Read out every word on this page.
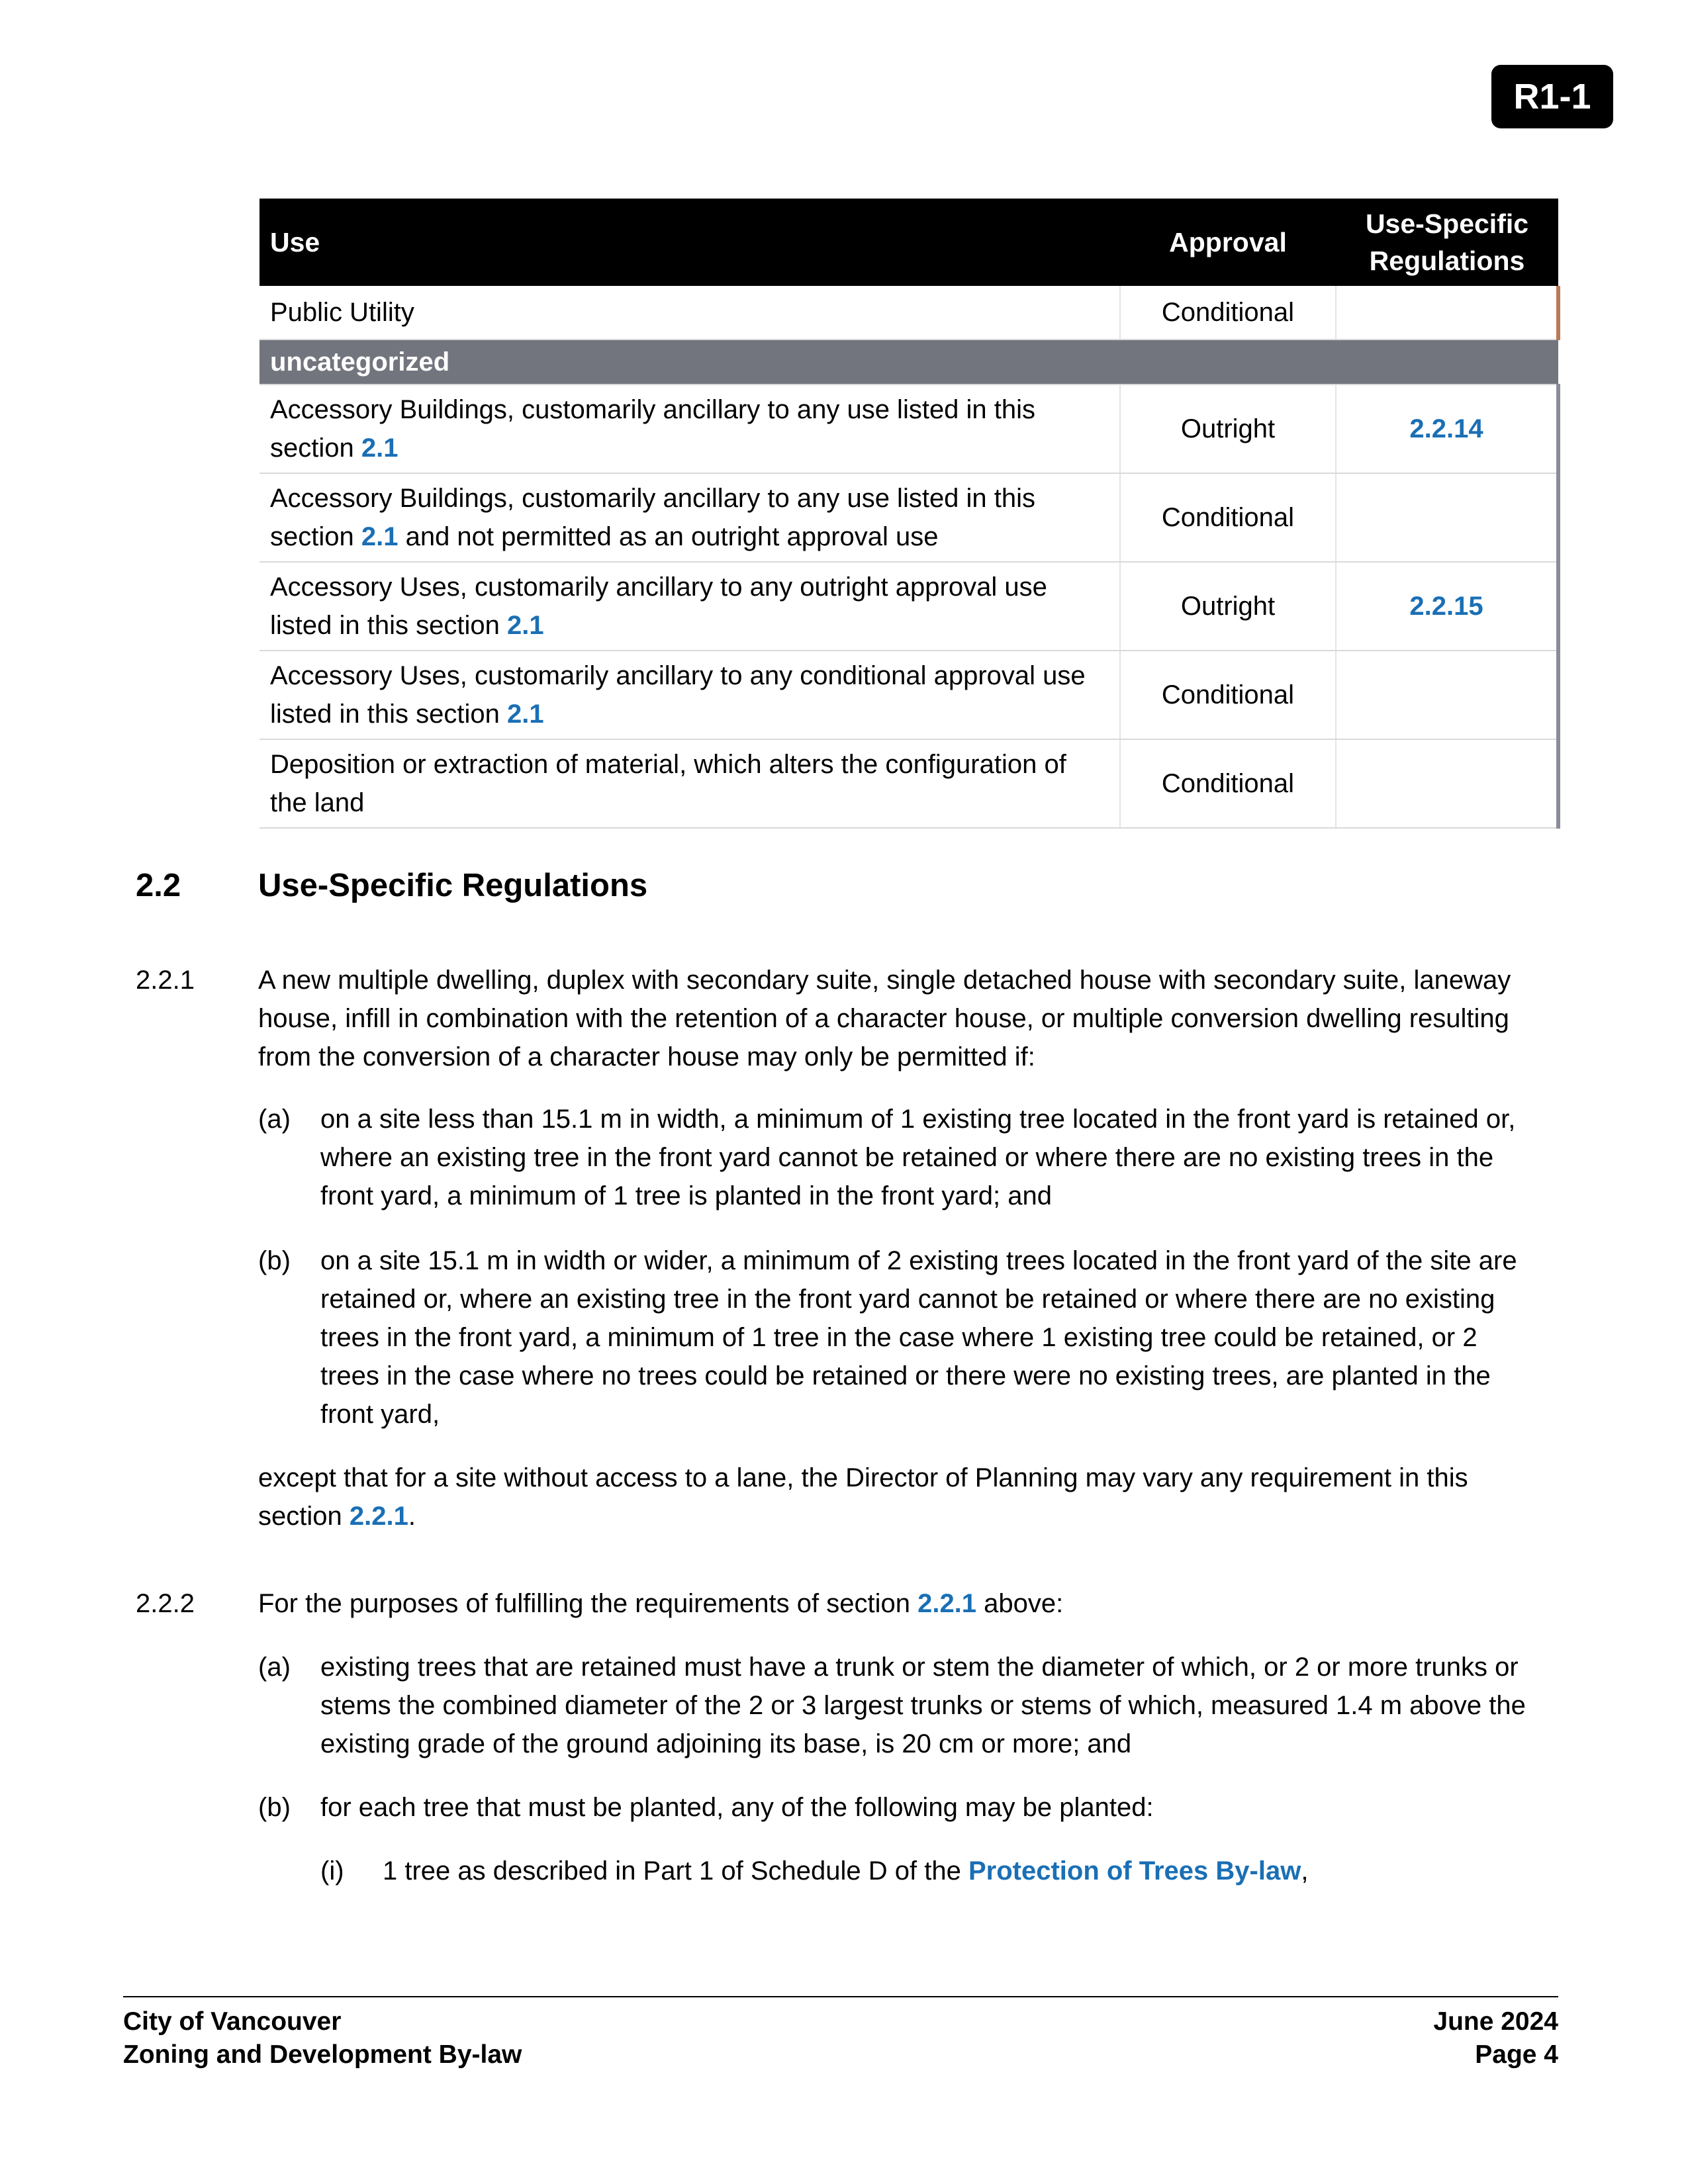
R1-1
Use	Approval	Use-Specific
Regulations
Public Utility	Conditional	
uncategorized		
Accessory Buildings, customarily ancillary to any use listed in this section 2.1	Outright	2.2.14
Accessory Buildings, customarily ancillary to any use listed in this section 2.1 and not permitted as an outright approval use	Conditional	
Accessory Uses, customarily ancillary to any outright approval use listed in this section 2.1	Outright	2.2.15
Accessory Uses, customarily ancillary to any conditional approval use listed in this section 2.1	Conditional	
Deposition or extraction of material, which alters the configuration of the land	Conditional	
2.2 Use-Specific Regulations
2.2.1 A new multiple dwelling, duplex with secondary suite, single detached house with secondary suite, laneway house, infill in combination with the retention of a character house, or multiple conversion dwelling resulting from the conversion of a character house may only be permitted if:
(a) on a site less than 15.1 m in width, a minimum of 1 existing tree located in the front yard is retained or, where an existing tree in the front yard cannot be retained or where there are no existing trees in the front yard, a minimum of 1 tree is planted in the front yard; and
(b) on a site 15.1 m in width or wider, a minimum of 2 existing trees located in the front yard of the site are retained or, where an existing tree in the front yard cannot be retained or where there are no existing trees in the front yard, a minimum of 1 tree in the case where 1 existing tree could be retained, or 2 trees in the case where no trees could be retained or there were no existing trees, are planted in the front yard,
except that for a site without access to a lane, the Director of Planning may vary any requirement in this section 2.2.1.
2.2.2 For the purposes of fulfilling the requirements of section 2.2.1 above:
(a) existing trees that are retained must have a trunk or stem the diameter of which, or 2 or more trunks or stems the combined diameter of the 2 or 3 largest trunks or stems of which, measured 1.4 m above the existing grade of the ground adjoining its base, is 20 cm or more; and
(b) for each tree that must be planted, any of the following may be planted:
(i) 1 tree as described in Part 1 of Schedule D of the Protection of Trees By-law,
City of Vancouver
Zoning and Development By-law
June 2024
Page 4
